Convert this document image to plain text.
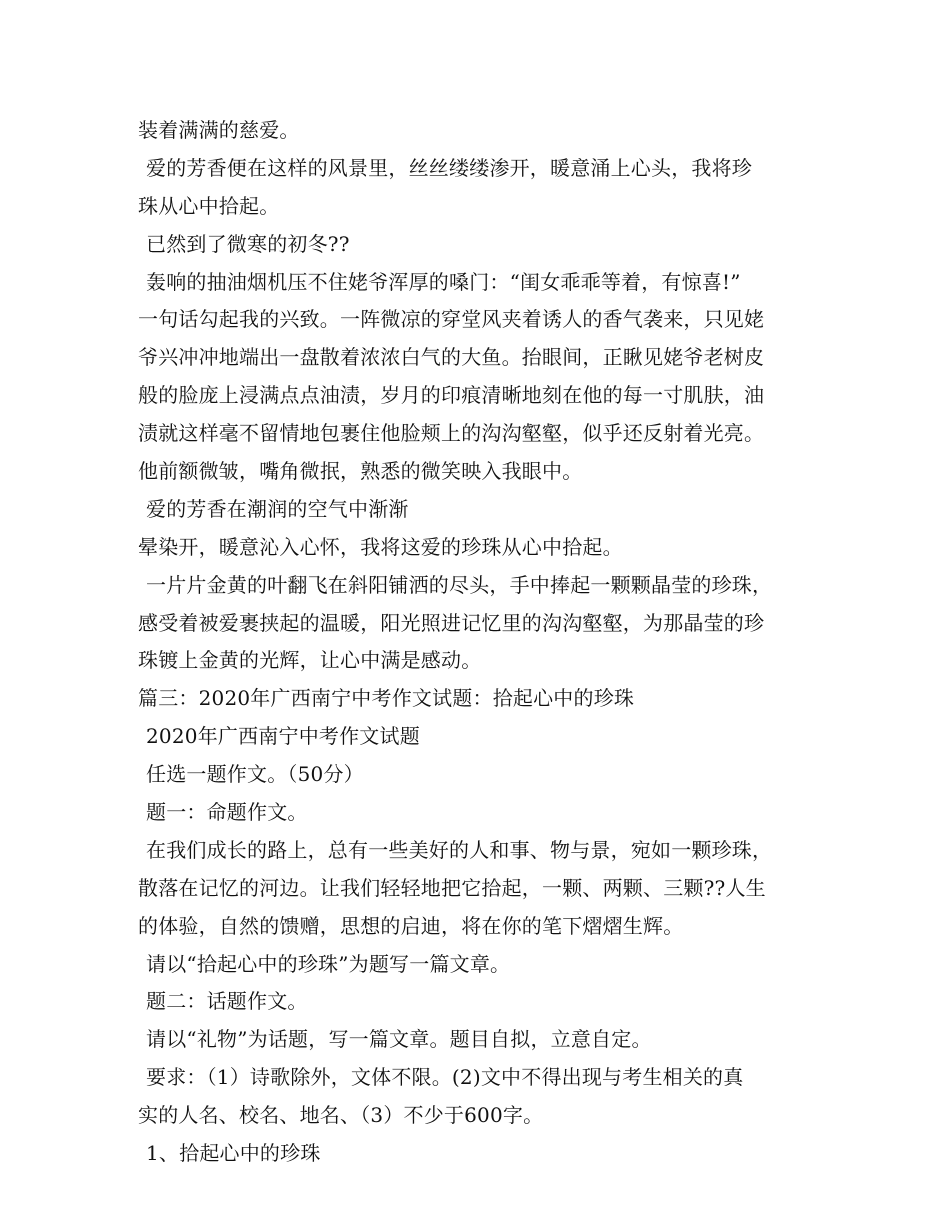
装着满满的慈爱。
爱的芳香便在这样的风景里，丝丝缕缕渗开，暖意涌上心头，我将珍
珠从心中拾起。
已然到了微寒的初冬??
轰响的抽油烟机压不住姥爷浑厚的嗓门：“闺女乖乖等着，有惊喜!”
一句话勾起我的兴致。一阵微凉的穿堂风夹着诱人的香气袭来，只见姥
爷兴冲冲地端出一盘散着浓浓白气的大鱼。抬眼间，正瞅见姥爷老树皮
般的脸庞上浸满点点油渍，岁月的印痕清晰地刻在他的每一寸肌肤，油
渍就这样毫不留情地包裹住他脸颊上的沟沟壑壑，似乎还反射着光亮。
他前额微皱，嘴角微抿，熟悉的微笑映入我眼中。
爱的芳香在潮润的空气中渐渐
晕染开，暖意沁入心怀，我将这爱的珍珠从心中拾起。
一片片金黄的叶翻飞在斜阳铺洒的尽头，手中捧起一颗颗晶莹的珍珠，
感受着被爱裹挟起的温暖，阳光照进记忆里的沟沟壑壑，为那晶莹的珍
珠镀上金黄的光辉，让心中满是感动。
篇三：2020年广西南宁中考作文试题：拾起心中的珍珠
2020年广西南宁中考作文试题
任选一题作文。（50分）
题一：命题作文。
在我们成长的路上，总有一些美好的人和事、物与景，宛如一颗珍珠，
散落在记忆的河边。让我们轻轻地把它拾起，一颗、两颗、三颗??人生
的体验，自然的馈赠，思想的启迪，将在你的笔下熠熠生辉。
请以“拾起心中的珍珠”为题写一篇文章。
题二：话题作文。
请以“礼物”为话题，写一篇文章。题目自拟，立意自定。
要求：（1）诗歌除外，文体不限。(2)文中不得出现与考生相关的真
实的人名、校名、地名、（3）不少于600字。
1、拾起心中的珍珠
